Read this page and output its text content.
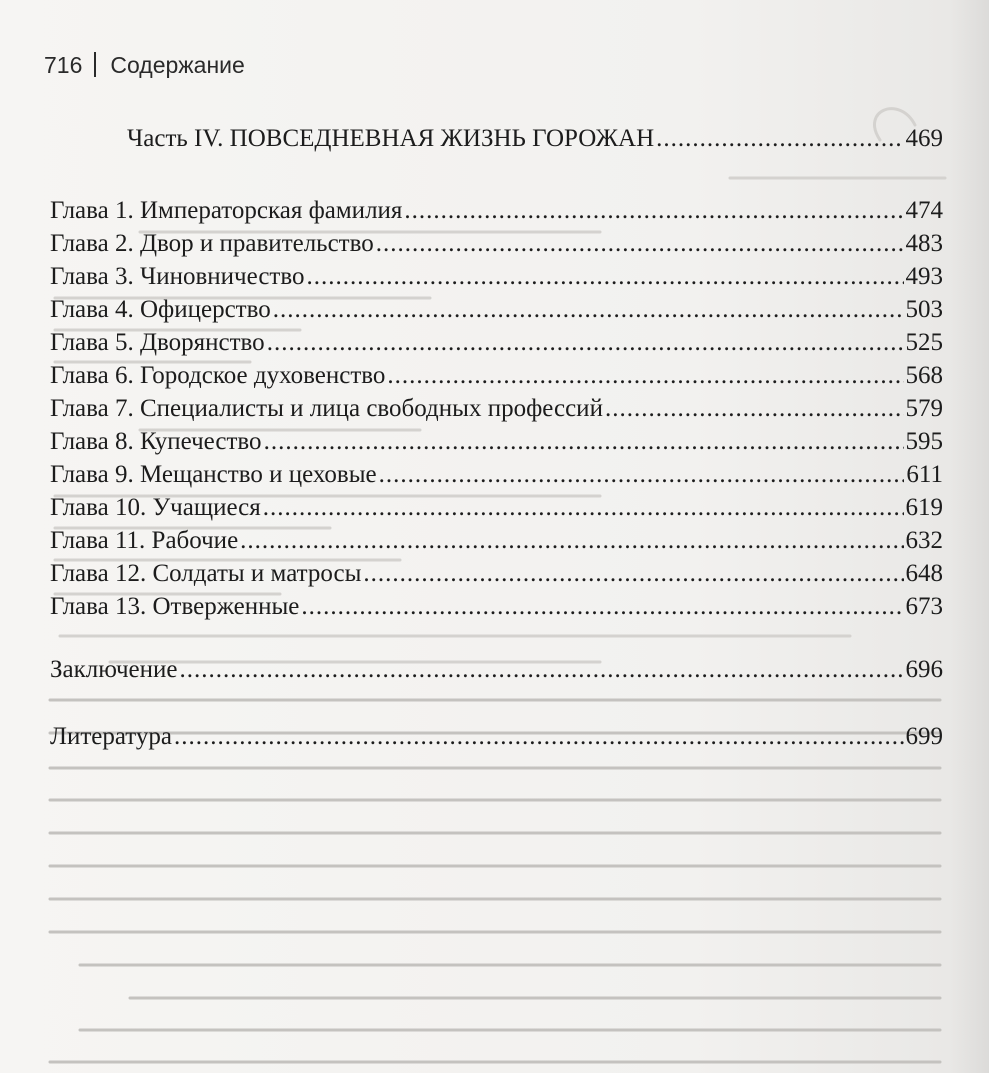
716 Содержание
Часть IV. ПОВСЕДНЕВНАЯ ЖИЗНЬ ГОРОЖАН .....	469
Глава 1. Императорская фамилия .....	474
Глава 2. Двор и правительство .....	483
Глава 3. Чиновничество .....	493
Глава 4. Офицерство .....	503
Глава 5. Дворянство .....	525
Глава 6. Городское духовенство .....	568
Глава 7. Специалисты и лица свободных профессий .....	579
Глава 8. Купечество .....	595
Глава 9. Мещанство и цеховые .....	611
Глава 10. Учащиеся .....	619
Глава 11. Рабочие .....	632
Глава 12. Солдаты и матросы .....	648
Глава 13. Отверженные .....	673
Заключение .....	696
Литература .....	699
